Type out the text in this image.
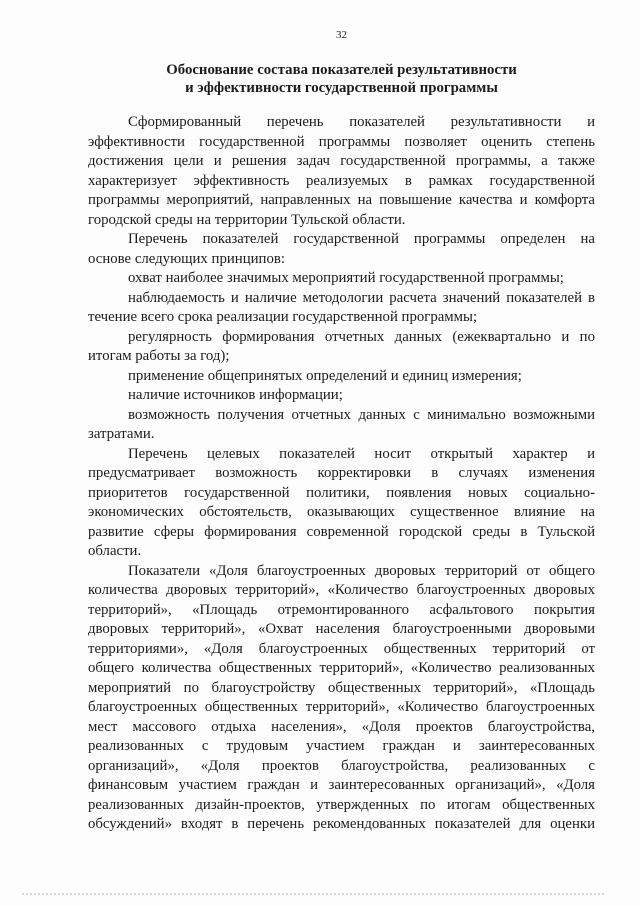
32
Обоснование состава показателей результативности
и эффективности государственной программы
Сформированный перечень показателей результативности и
эффективности государственной программы позволяет оценить степень
достижения цели и решения задач государственной программы, а также
характеризует эффективность реализуемых в рамках государственной
программы мероприятий, направленных на повышение качества и комфорта
городской среды на территории Тульской области.
Перечень показателей государственной программы определен на
основе следующих принципов:
охват наиболее значимых мероприятий государственной программы;
наблюдаемость и наличие методологии расчета значений показателей в
течение всего срока реализации государственной программы;
регулярность формирования отчетных данных (ежеквартально и по
итогам работы за год);
применение общепринятых определений и единиц измерения;
наличие источников информации;
возможность получения отчетных данных с минимально возможными
затратами.
Перечень целевых показателей носит открытый характер и
предусматривает возможность корректировки в случаях изменения
приоритетов государственной политики, появления новых социально-
экономических обстоятельств, оказывающих существенное влияние на
развитие сферы формирования современной городской среды в Тульской
области.
Показатели «Доля благоустроенных дворовых территорий от общего
количества дворовых территорий», «Количество благоустроенных дворовых
территорий», «Площадь отремонтированного асфальтового покрытия
дворовых территорий», «Охват населения благоустроенными дворовыми
территориями», «Доля благоустроенных общественных территорий от
общего количества общественных территорий», «Количество реализованных
мероприятий по благоустройству общественных территорий», «Площадь
благоустроенных общественных территорий», «Количество благоустроенных
мест массового отдыха населения», «Доля проектов благоустройства,
реализованных с трудовым участием граждан и заинтересованных
организаций», «Доля проектов благоустройства, реализованных с
финансовым участием граждан и заинтересованных организаций», «Доля
реализованных дизайн-проектов, утвержденных по итогам общественных
обсуждений» входят в перечень рекомендованных показателей для оценки
